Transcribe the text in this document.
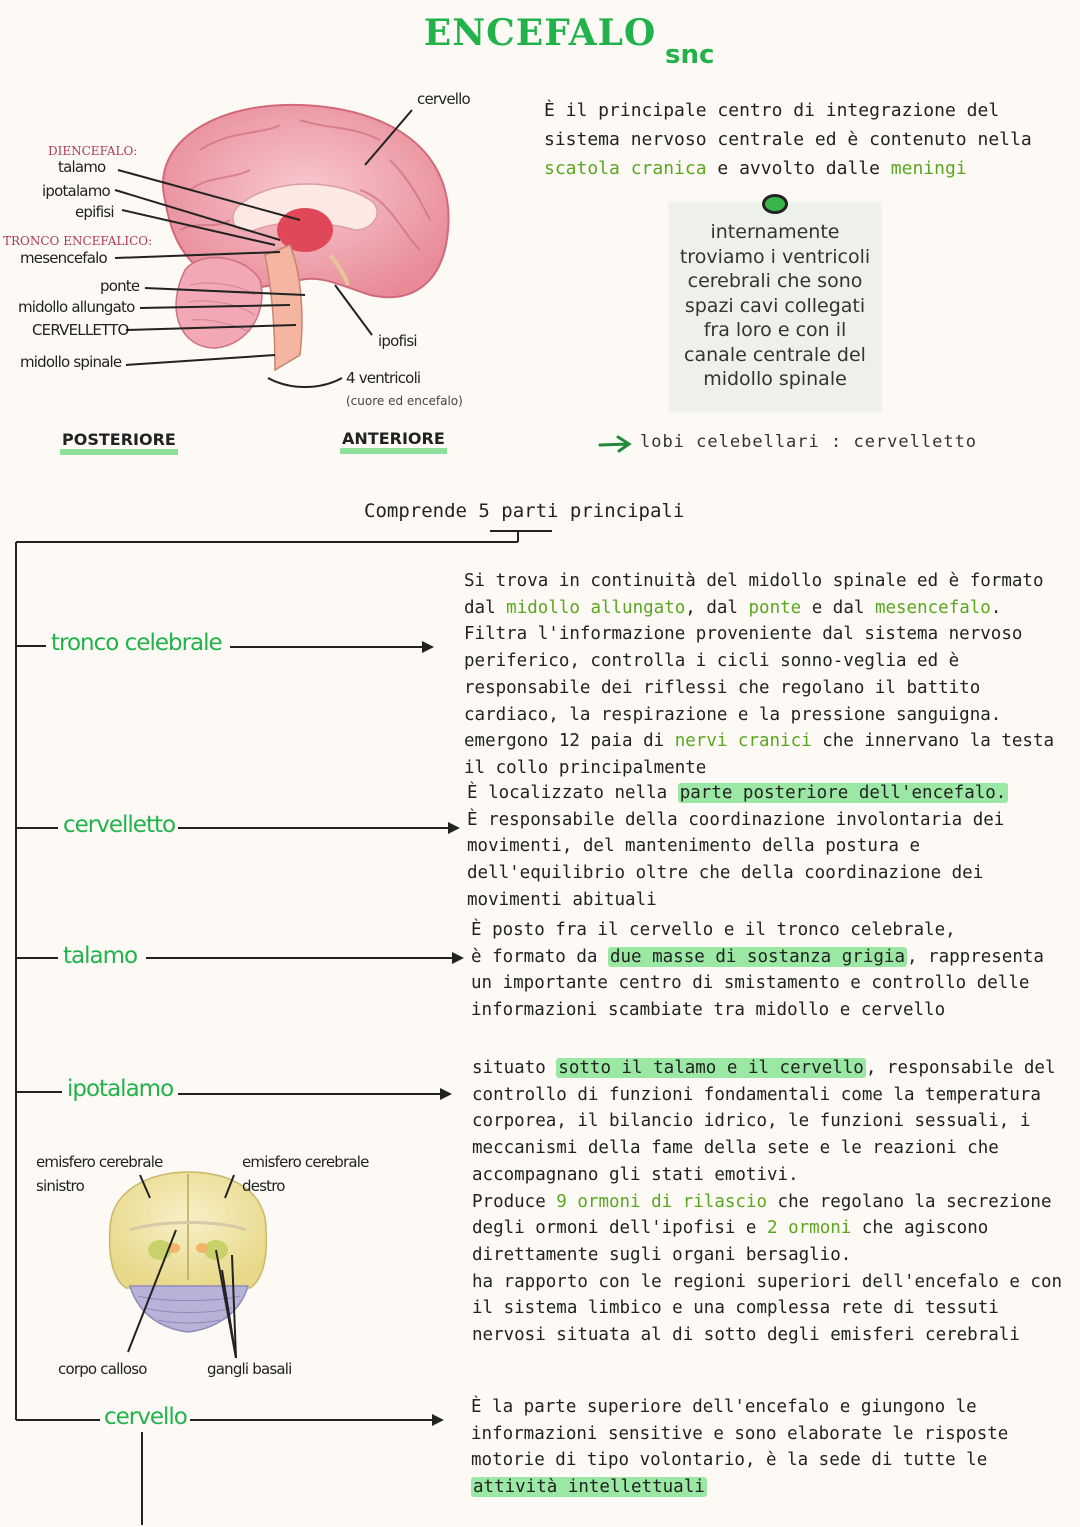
ENCEFALO
snc
È il principale centro di integrazione del sistema nervoso centrale ed è contenuto nella scatola cranica e avvolto dalle meningi
internamente troviamo i ventricoli cerebrali che sono spazi cavi collegati fra loro e con il canale centrale del midollo spinale
lobi celebellari : cervelletto
DIENCEFALO:
talamo
ipotalamo
epifisi
TRONCO ENCEFALICO:
mesencefalo
ponte
midollo allungato
CERVELLETTO
midollo spinale
cervello
ipofisi
4 ventricoli
(cuore ed encefalo)
POSTERIORE	ANTERIORE
Comprende 5 parti principali
tronco celebrale
cervelletto
talamo
ipotalamo
cervello
Si trova in continuità del midollo spinale ed è formato dal midollo allungato, dal ponte e dal mesencefalo.
Filtra l'informazione proveniente dal sistema nervoso periferico, controlla i cicli sonno-veglia ed è responsabile dei riflessi che regolano il battito cardiaco, la respirazione e la pressione sanguigna. emergono 12 paia di nervi cranici che innervano la testa il collo principalmente
È localizzato nella parte posteriore dell'encefalo.
È responsabile della coordinazione involontaria dei movimenti, del mantenimento della postura e dell'equilibrio oltre che della coordinazione dei movimenti abituali
È posto fra il cervello e il tronco celebrale,
è formato da due masse di sostanza grigia , rappresenta un importante centro di smistamento e controllo delle informazioni scambiate tra midollo e cervello
situato sotto il talamo e il cervello , responsabile del controllo di funzioni fondamentali come la temperatura corporea, il bilancio idrico, le funzioni sessuali, i meccanismi della fame della sete e le reazioni che accompagnano gli stati emotivi.
Produce 9 ormoni di rilascio che regolano la secrezione degli ormoni dell'ipofisi e 2 ormoni che agiscono direttamente sugli organi bersaglio.
ha rapporto con le regioni superiori dell'encefalo e con il sistema limbico e una complessa rete di tessuti nervosi situata al di sotto degli emisferi cerebrali
È la parte superiore dell'encefalo e giungono le informazioni sensitive e sono elaborate le risposte motorie di tipo volontario, è la sede di tutte le attività intellettuali
emisfero cerebrale sinistro
emisfero cerebrale destro
corpo calloso	gangli basali
